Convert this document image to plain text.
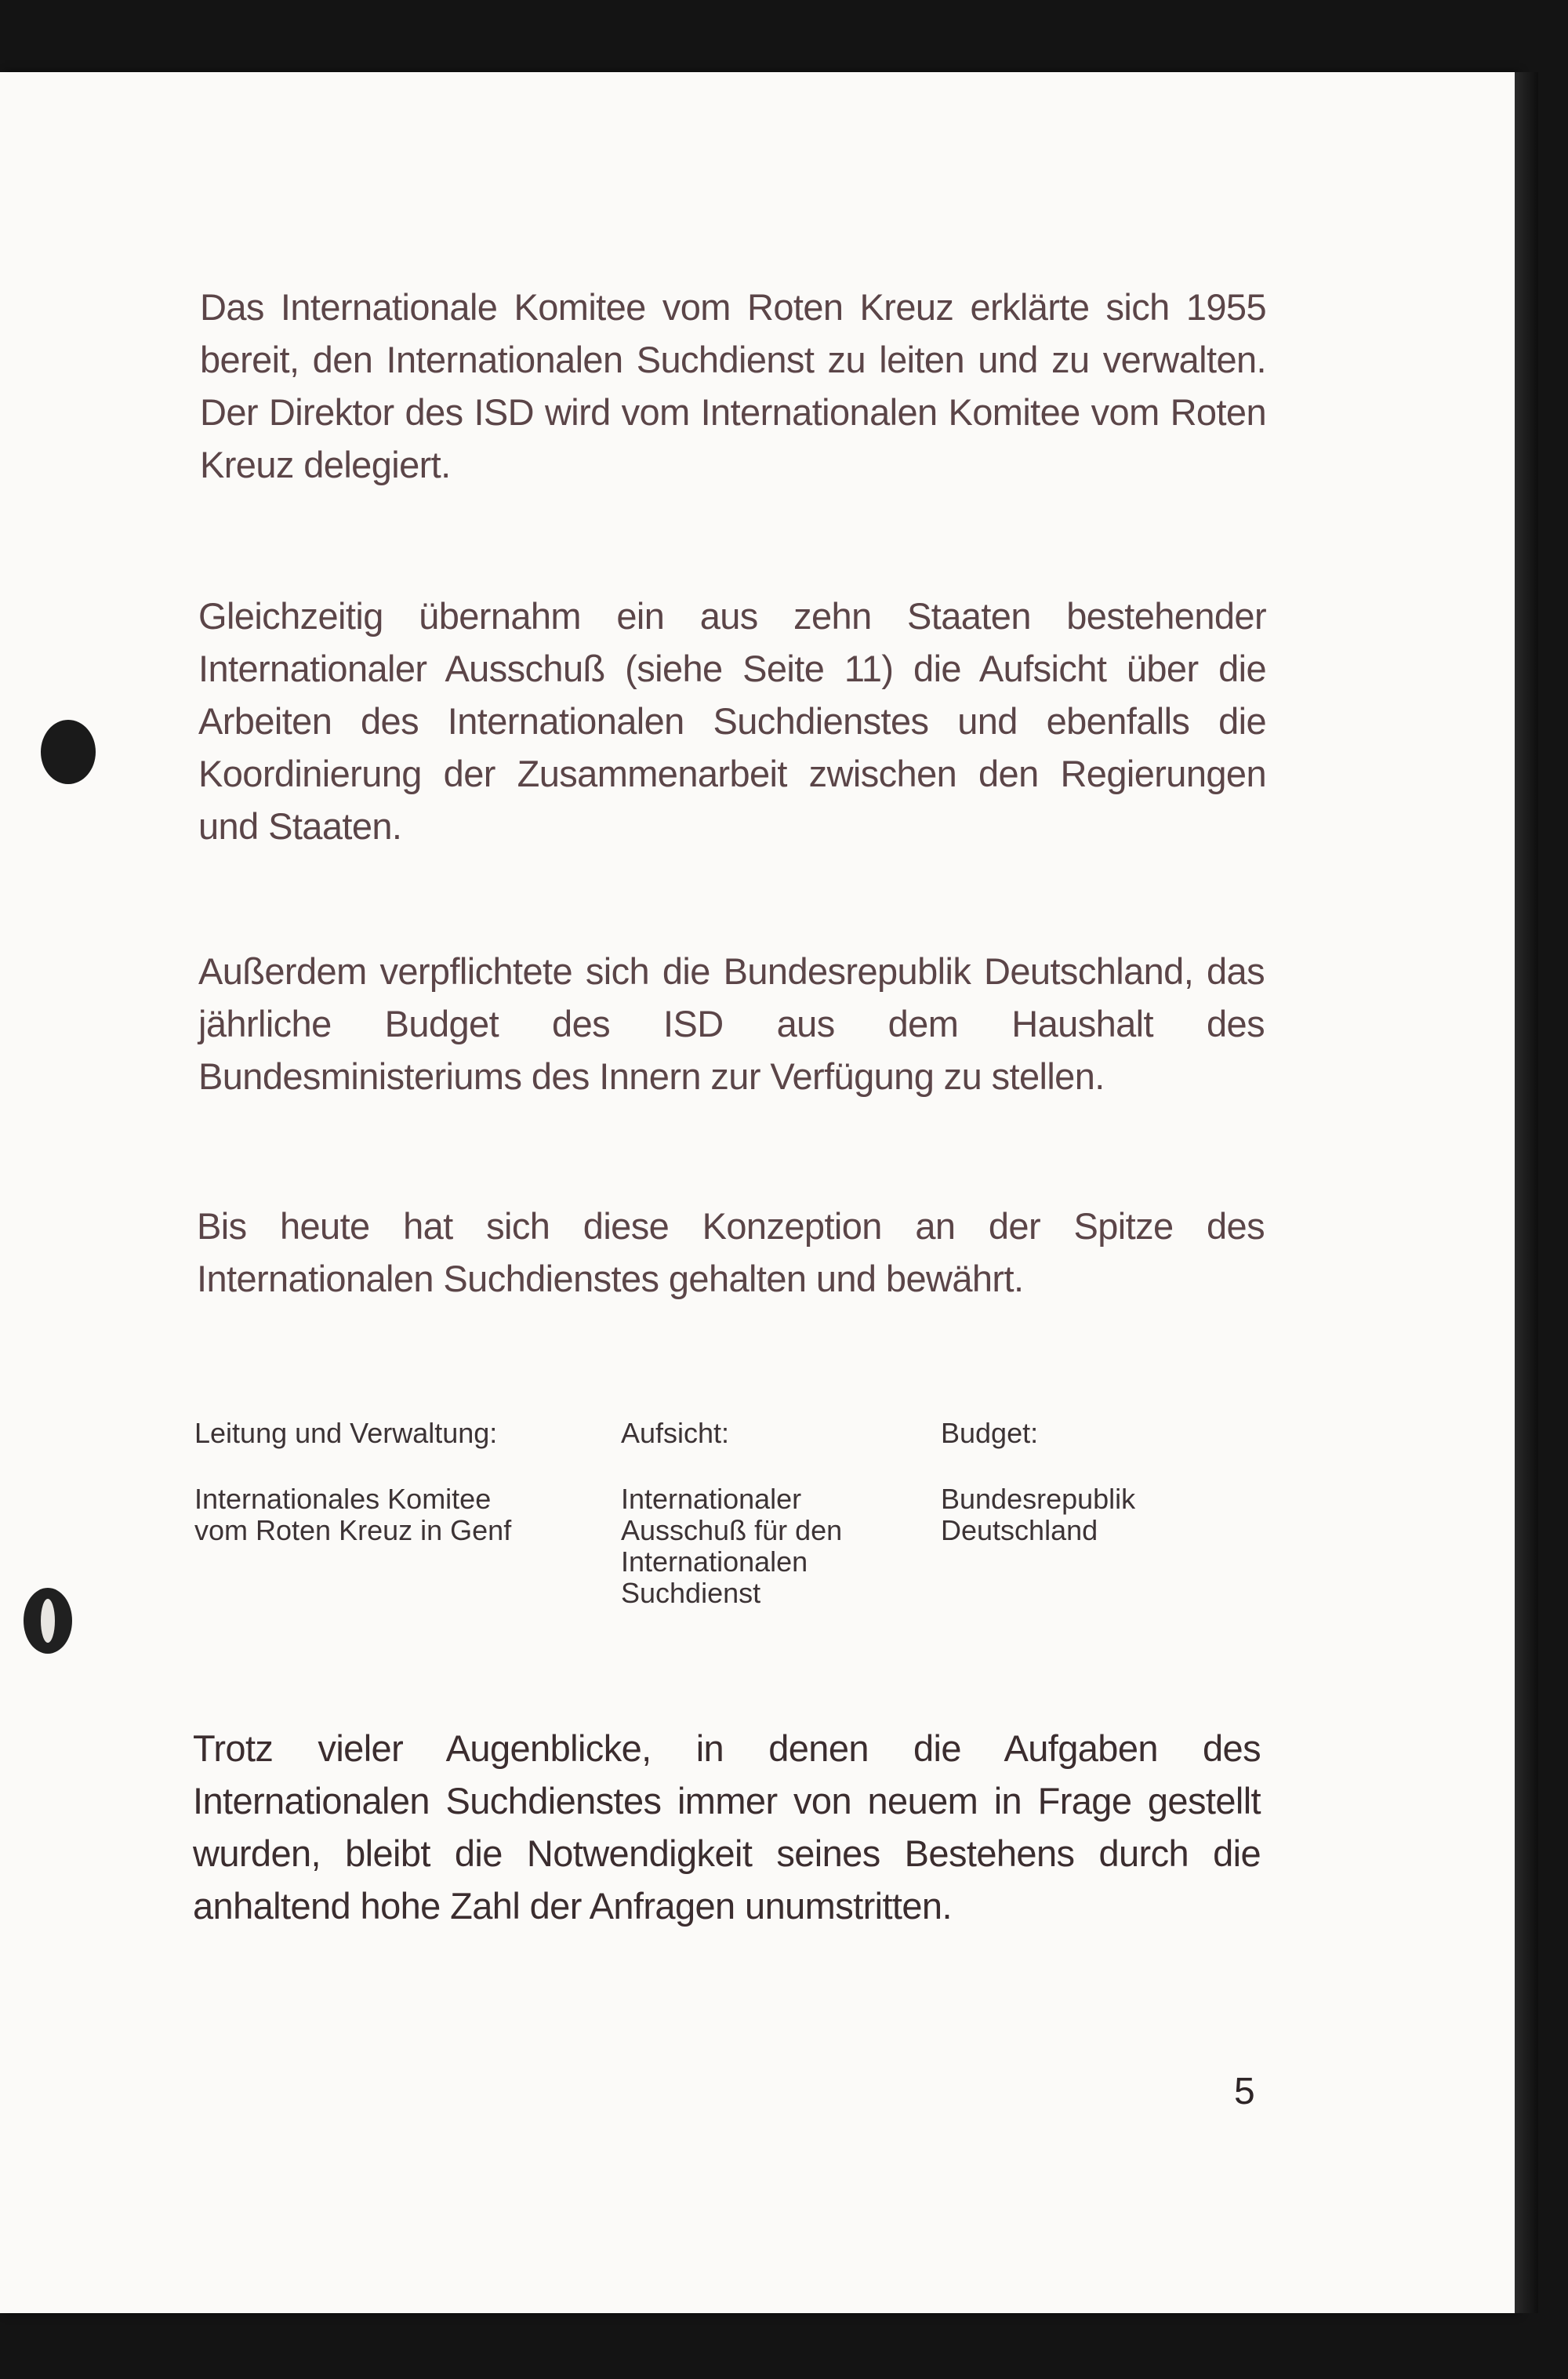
Das Internationale Komitee vom Roten Kreuz erklärte sich 1955 bereit, den Internationalen Suchdienst zu leiten und zu verwalten. Der Direktor des ISD wird vom Internationalen Komitee vom Roten Kreuz delegiert.

Gleichzeitig übernahm ein aus zehn Staaten bestehender Internationaler Ausschuß (siehe Seite 11) die Aufsicht über die Arbeiten des Internationalen Suchdienstes und ebenfalls die Koordinierung der Zusammenarbeit zwischen den Regierungen und Staaten.

Außerdem verpflichtete sich die Bundesrepublik Deutschland, das jährliche Budget des ISD aus dem Haushalt des Bundesministeriums des Innern zur Verfügung zu stellen.

Bis heute hat sich diese Konzeption an der Spitze des Internationalen Suchdienstes gehalten und bewährt.

Leitung und Verwaltung:

Internationales Komitee
vom Roten Kreuz in Genf

Aufsicht:

Internationaler
Ausschuß für den
Internationalen
Suchdienst

Budget:

Bundesrepublik
Deutschland

Trotz vieler Augenblicke, in denen die Aufgaben des Internationalen Suchdienstes immer von neuem in Frage gestellt wurden, bleibt die Notwendigkeit seines Bestehens durch die anhaltend hohe Zahl der Anfragen unumstritten.

5
